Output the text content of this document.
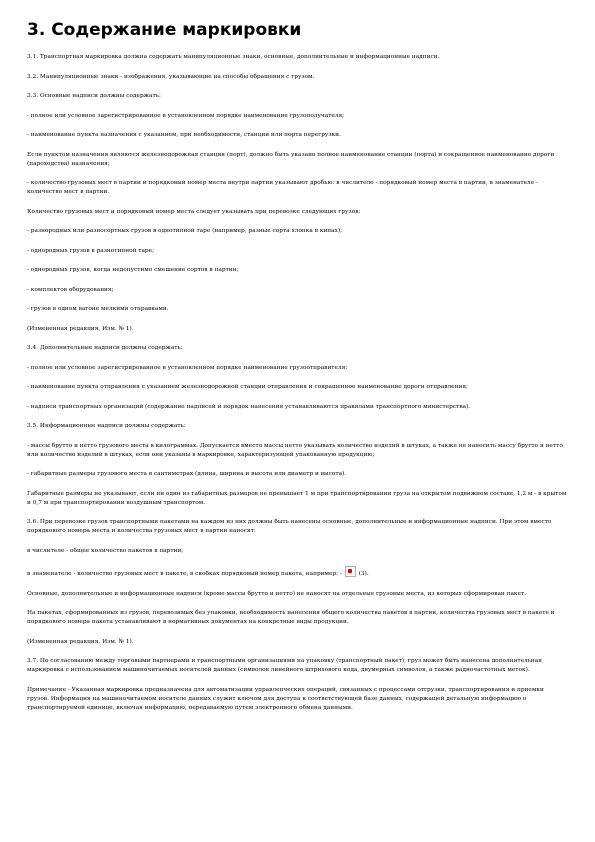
3. Содержание маркировки

3.1. Транспортная маркировка должна содержать манипуляционные знаки, основные, дополнительные и информационные надписи.

3.2. Манипуляционные знаки - изображения, указывающие на способы обращения с грузом.

3.3. Основные надписи должны содержать:

- полное или условное зарегистрированное в установленном порядке наименование грузополучателя;

- наименование пункта назначения с указанием, при необходимости, станции или порта перегрузки.

Если пунктом назначения являются железнодорожная станция (порт), должно быть указано полное наименование станции (порта) и сокращенное наименование дороги (пароходства) назначения;

- количество грузовых мест в партии и порядковый номер места внутри партии указывают дробью: в числителе - порядковый номер места в партии, в знаменателе - количество мест в партии.

Количество грузовых мест и порядковый номер места следует указывать при перевозке следующих грузов:

- разнородных или разносортных грузов в однотипной таре (например, разные сорта хлопка в кипах);

- однородных грузов в разнотипной таре;

- однородных грузов, когда недопустимо смешение сортов в партии;

- комплектов оборудования;

- грузов в одном вагоне мелкими отправками.

(Измененная редакция, Изм. № 1).

3.4. Дополнительные надписи должны содержать:

- полное или условное зарегистрированное в установленном порядке наименование грузоотправителя;

- наименование пункта отправления с указанием железнодорожной станции отправления и сокращенное наименование дороги отправления;

- надписи транспортных организаций (содержание надписей и порядок нанесения устанавливаются правилами транспортного министерства).

3.5. Информационные надписи должны содержать:

- массы брутто и нетто грузового места в килограммах. Допускается вместо массы нетто указывать количество изделий в штуках, а также не наносить массу брутто и нетто или количество изделий в штуках, если они указаны в маркировке, характеризующей упакованную продукцию;

- габаритные размеры грузового места в сантиметрах (длина, ширина и высота или диаметр и высота).

Габаритные размеры не указывают, если ни один из габаритных размеров не превышает 1 м при транспортировании груза на открытом подвижном составе, 1,2 м - в крытом и 0,7 м при транспортировании воздушным транспортом.

3.6. При перевозке грузов транспортными пакетами на каждом из них должны быть нанесены основные, дополнительные и информационные надписи. При этом вместо порядкового номера места и количества грузовых мест в партии наносят:

в числителе - общее количество пакетов в партии;

в знаменателе - количество грузовых мест в пакете, в скобках порядковый номер пакета, например: -  (3).

Основные, дополнительные и информационные надписи (кроме массы брутто и нетто) не наносят на отдельные грузовые места, из которых сформирован пакет.

На пакетах, сформированных из грузов, перевозимых без упаковки, необходимость нанесения общего количества пакетов в партии, количества грузовых мест в пакете и порядкового номера пакета устанавливают в нормативных документах на конкретные виды продукции.

(Измененная редакция, Изм. № 1).

3.7. По согласованию между торговыми партнерами и транспортными организациями на упаковку (транспортный пакет), груз может быть нанесена дополнительная маркировка с использованием машиночитаемых носителей данных (символов линейного штрихового кода, двумерных символов, а также радиочастотных меток).

Примечание - Указанная маркировка предназначена для автоматизации управленческих операций, связанных с процессами отгрузки, транспортирования и приемки грузов. Информация на машиночитаемом носителе данных служит ключом для доступа к соответствующей базе данных, содержащей детальную информацию о транспортируемой единице, включая информацию, передаваемую путем электронного обмена данными.
